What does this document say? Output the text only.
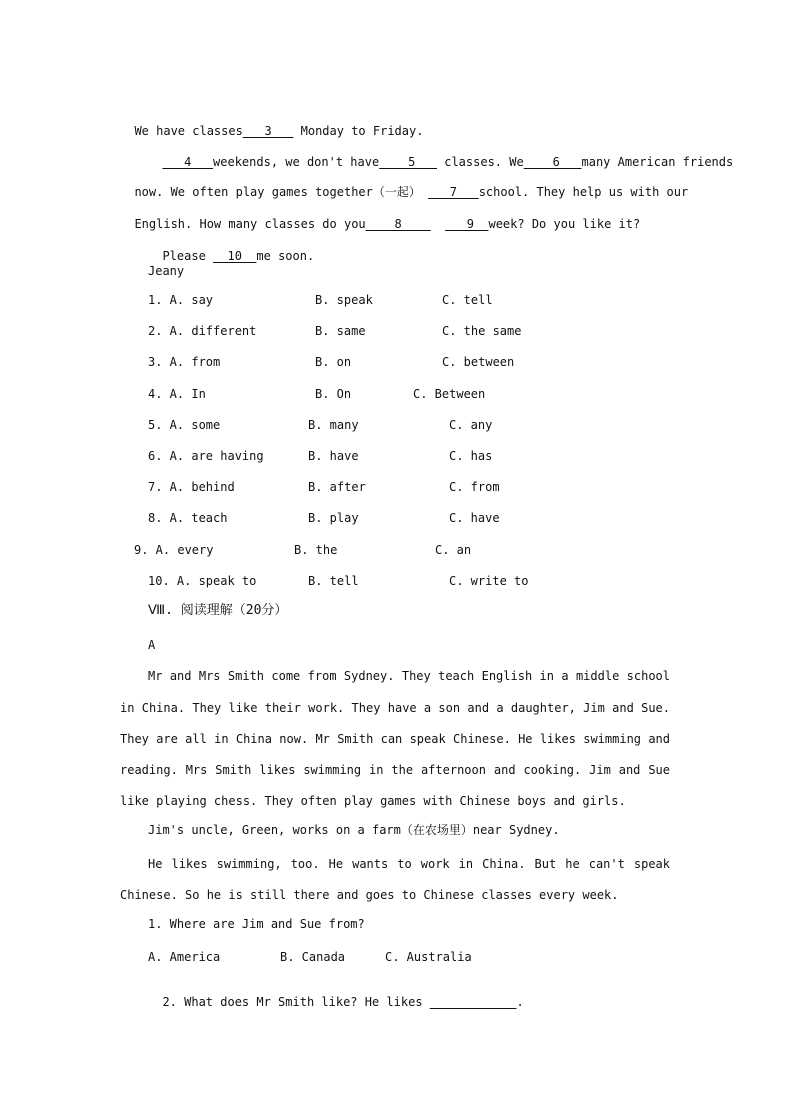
We have classes   3    Monday to Friday.

4   weekends, we don't have    5    classes. We    6   many American friends

now. We often play games together（一起）    7   school. They help us with our

English. How many classes do you    8         9  week? Do you like it?

Please   10  me soon.

Jeany
1. A. say	B. speak	C. tell
2. A. different	B. same	C. the same
3. A. from	B. on	C. between
4. A. In	B. On	C. Between
5. A. some	B. many	C. any
6. A. are having	B. have	C. has
7. A. behind	B. after	C. from
8. A. teach	B. play	C. have
9. A. every	B. the	C. an
10. A. speak to	B. tell	C. write to
Ⅷ. 阅读理解（20分）
A
Mr and Mrs Smith come from Sydney. They teach English in a middle school
in China. They like their work. They have a son and a daughter, Jim and Sue.
They are all in China now. Mr Smith can speak Chinese. He likes swimming and
reading. Mrs Smith likes swimming in the afternoon and cooking. Jim and Sue
like playing chess. They often play games with Chinese boys and girls.
Jim's uncle, Green, works on a farm（在农场里）near Sydney.
He likes swimming, too. He wants to work in China. But he can't speak
Chinese. So he is still there and goes to Chinese classes every week.
1. Where are Jim and Sue from?
A. America	B. Canada	C. Australia

2. What does Mr Smith like? He likes	.
